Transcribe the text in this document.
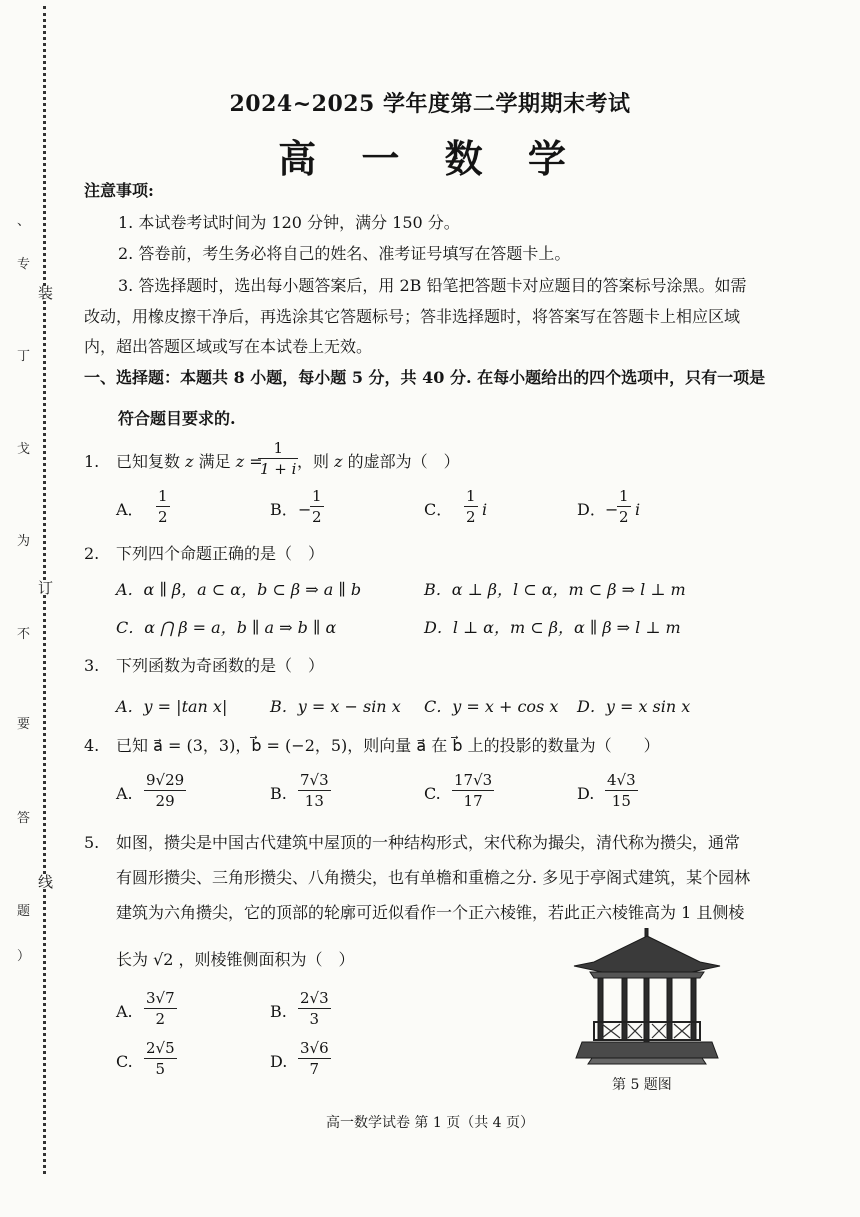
、
专
丁
戈
为
不
要
答
题
）
装
订
线
2024~2025 学年度第二学期期末考试
高 一 数 学
注意事项:
1. 本试卷考试时间为 120 分钟，满分 150 分。
2. 答卷前，考生务必将自己的姓名、准考证号填写在答题卡上。
3. 答选择题时，选出每小题答案后，用 2B 铅笔把答题卡对应题目的答案标号涂黑。如需
改动，用橡皮擦干净后，再选涂其它答题标号；答非选择题时，将答案写在答题卡上相应区域
内，超出答题区域或写在本试卷上无效。
一、选择题：本题共 8 小题，每小题 5 分，共 40 分. 在每小题给出的四个选项中，只有一项是
符合题目要求的.
1. 已知复数 z 满足 z =
1
1 + i ，则 z 的虚部为（　）
A．
1
2	B． −
1
2	C．
1
2 i	D． −
1
2 i
2. 下列四个命题正确的是（　）
A．α ∥ β，a ⊂ α，b ⊂ β ⇒ a ∥ b	B．α ⊥ β，l ⊂ α，m ⊂ β ⇒ l ⊥ m
C．α ⋂ β = a，b ∥ a ⇒ b ∥ α	D．l ⊥ α，m ⊂ β，α ∥ β ⇒ l ⊥ m
3. 下列函数为奇函数的是（　）
A．y = |tan x|	B．y = x − sin x C．y = x + cos x D．y = x sin x
4. 已知 a⃗ = (3，3)，b⃗ = (−2，5)，则向量 a⃗ 在 b⃗ 上的投影的数量为（　　）
A.
9√29
29	B.
7√3
13	C.
17√3
17	D.
4√3
15
5. 如图，攒尖是中国古代建筑中屋顶的一种结构形式，宋代称为撮尖，清代称为攒尖，通常
有圆形攒尖、三角形攒尖、八角攒尖，也有单檐和重檐之分. 多见于亭阁式建筑，某个园林
建筑为六角攒尖，它的顶部的轮廓可近似看作一个正六棱锥，若此正六棱锥高为 1 且侧棱
长为 √2 ，则棱锥侧面积为（　）
A.
3√7
2	B.
2√3
3
C.
2√5
5	D.
3√6
7
第 5 题图
高一数学试卷 第 1 页（共 4 页）
